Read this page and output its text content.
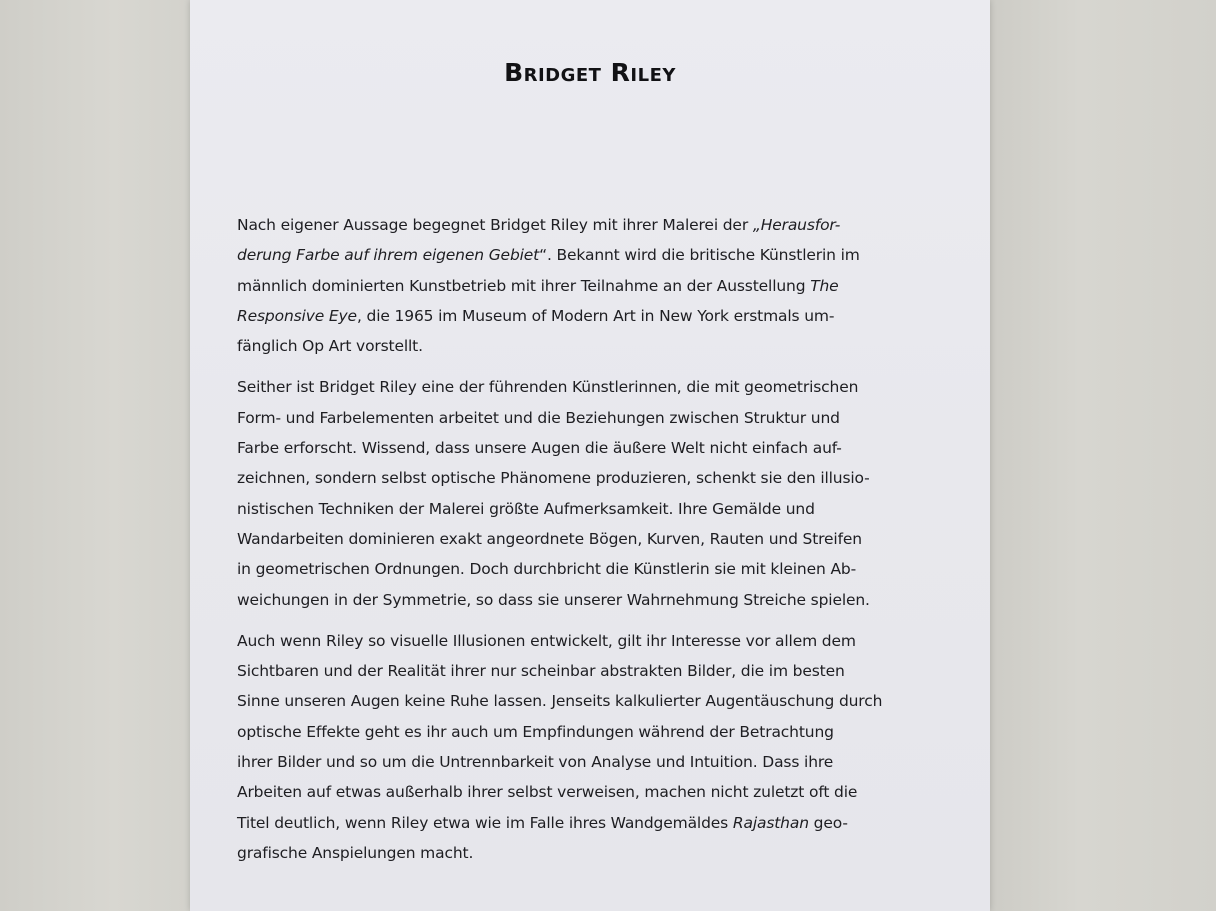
Bridget Riley
Nach eigener Aussage begegnet Bridget Riley mit ihrer Malerei der „Herausfor-
derung Farbe auf ihrem eigenen Gebiet“. Bekannt wird die britische Künstlerin im
männlich dominierten Kunstbetrieb mit ihrer Teilnahme an der Ausstellung The
Responsive Eye, die 1965 im Museum of Modern Art in New York erstmals um-
fänglich Op Art vorstellt.
Seither ist Bridget Riley eine der führenden Künstlerinnen, die mit geometrischen
Form- und Farbelementen arbeitet und die Beziehungen zwischen Struktur und
Farbe erforscht. Wissend, dass unsere Augen die äußere Welt nicht einfach auf-
zeichnen, sondern selbst optische Phänomene produzieren, schenkt sie den illusio-
nistischen Techniken der Malerei größte Aufmerksamkeit. Ihre Gemälde und
Wandarbeiten dominieren exakt angeordnete Bögen, Kurven, Rauten und Streifen
in geometrischen Ordnungen. Doch durchbricht die Künstlerin sie mit kleinen Ab-
weichungen in der Symmetrie, so dass sie unserer Wahrnehmung Streiche spielen.
Auch wenn Riley so visuelle Illusionen entwickelt, gilt ihr Interesse vor allem dem
Sichtbaren und der Realität ihrer nur scheinbar abstrakten Bilder, die im besten
Sinne unseren Augen keine Ruhe lassen. Jenseits kalkulierter Augentäuschung durch
optische Effekte geht es ihr auch um Empfindungen während der Betrachtung
ihrer Bilder und so um die Untrennbarkeit von Analyse und Intuition. Dass ihre
Arbeiten auf etwas außerhalb ihrer selbst verweisen, machen nicht zuletzt oft die
Titel deutlich, wenn Riley etwa wie im Falle ihres Wandgemäldes Rajasthan geo-
grafische Anspielungen macht.
